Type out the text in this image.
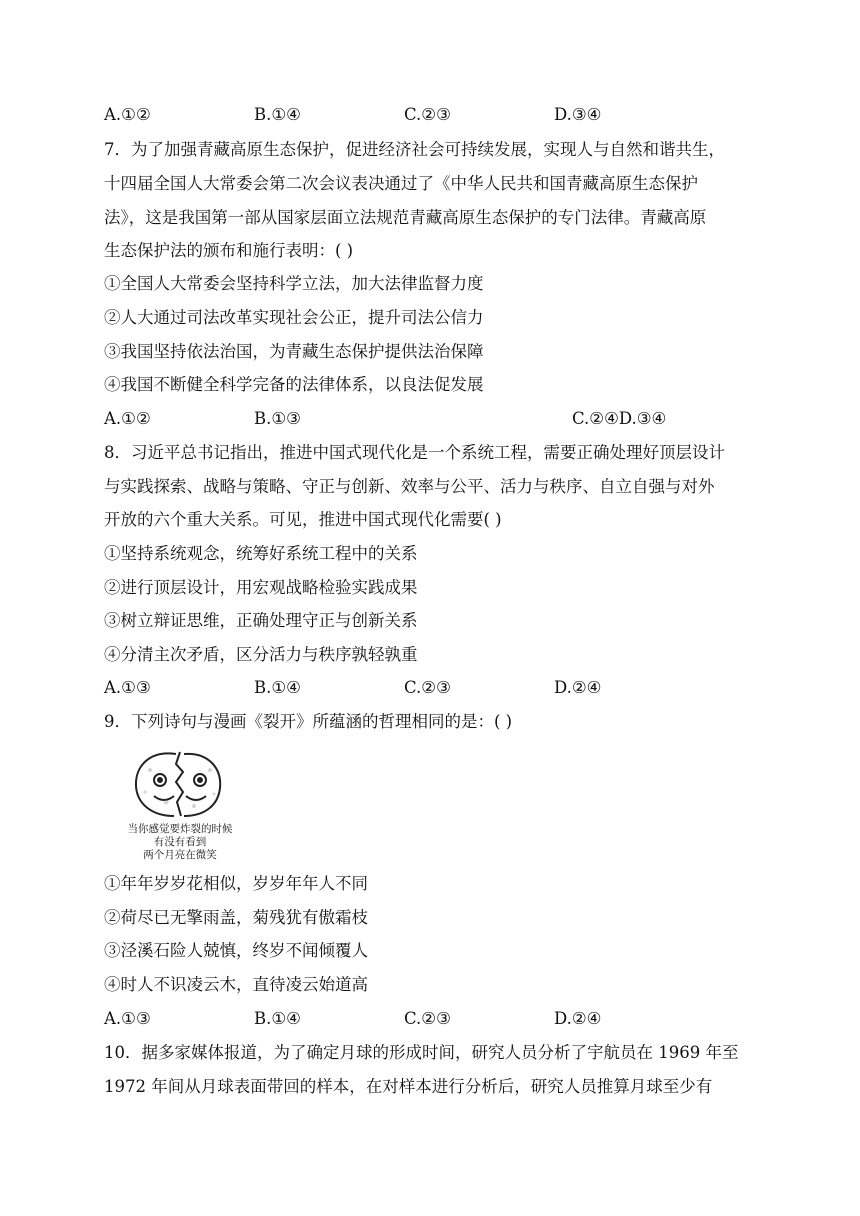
A.①②	B.①④	C.②③	D.③④
7．为了加强青藏高原生态保护，促进经济社会可持续发展，实现人与自然和谐共生，
十四届全国人大常委会第二次会议表决通过了《中华人民共和国青藏高原生态保护
法》，这是我国第一部从国家层面立法规范青藏高原生态保护的专门法律。青藏高原
生态保护法的颁布和施行表明：( )
①全国人大常委会坚持科学立法，加大法律监督力度
②人大通过司法改革实现社会公正，提升司法公信力
③我国坚持依法治国，为青藏生态保护提供法治保障
④我国不断健全科学完备的法律体系，以良法促发展
A.①②	B.①③	C.②④D.③④
8．习近平总书记指出，推进中国式现代化是一个系统工程，需要正确处理好顶层设计
与实践探索、战略与策略、守正与创新、效率与公平、活力与秩序、自立自强与对外
开放的六个重大关系。可见，推进中国式现代化需要( )
①坚持系统观念，统筹好系统工程中的关系
②进行顶层设计，用宏观战略检验实践成果
③树立辩证思维，正确处理守正与创新关系
④分清主次矛盾，区分活力与秩序孰轻孰重
A.①③	B.①④	C.②③	D.②④
9．下列诗句与漫画《裂开》所蕴涵的哲理相同的是：( )
当你感觉要炸裂的时候
有没有看到
两个月亮在微笑
①年年岁岁花相似，岁岁年年人不同
②荷尽已无擎雨盖，菊残犹有傲霜枝
③泾溪石险人兢慎，终岁不闻倾覆人
④时人不识凌云木，直待凌云始道高
A.①③	B.①④	C.②③	D.②④
10．据多家媒体报道，为了确定月球的形成时间，研究人员分析了宇航员在 1969 年至
1972 年间从月球表面带回的样本，在对样本进行分析后，研究人员推算月球至少有
